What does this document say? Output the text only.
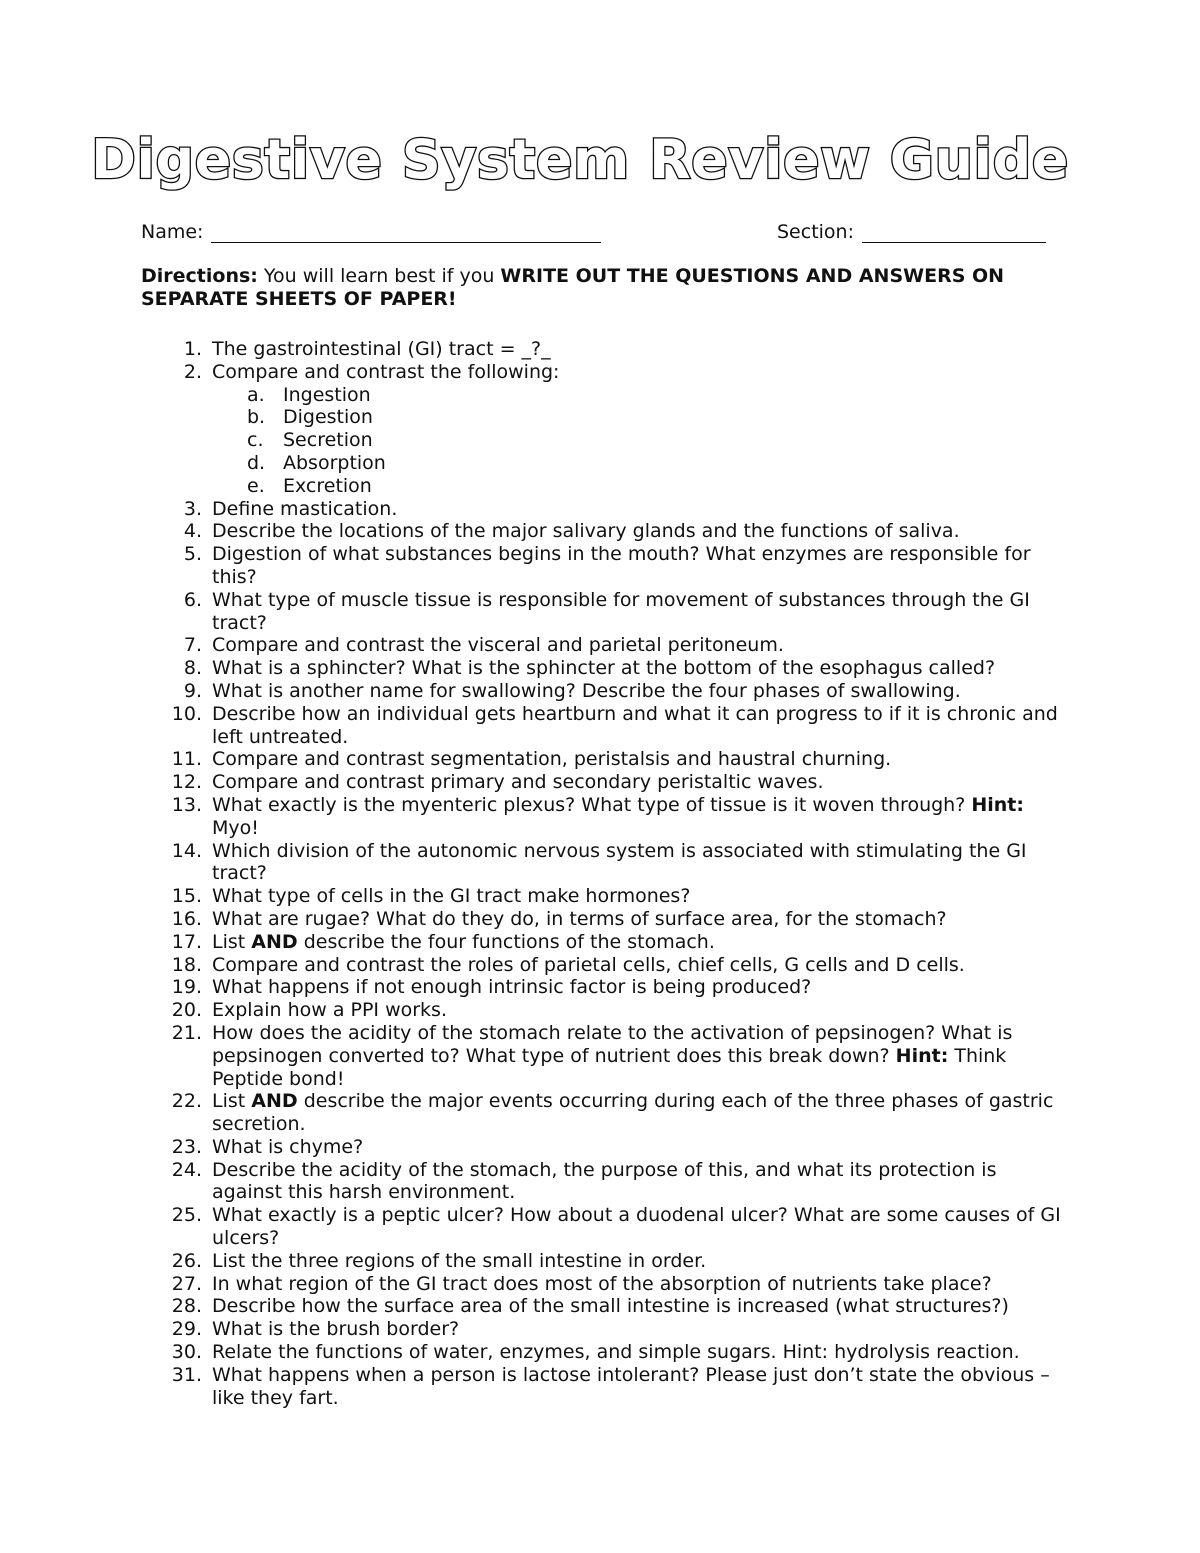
Digestive System Review Guide
Name:	Section:
Directions: You will learn best if you WRITE OUT THE QUESTIONS AND ANSWERS ON SEPARATE SHEETS OF PAPER!
1. The gastrointestinal (GI) tract = _?_
2. Compare and contrast the following:
a. Ingestion
b. Digestion
c. Secretion
d. Absorption
e. Excretion
3. Define mastication.
4. Describe the locations of the major salivary glands and the functions of saliva.
5. Digestion of what substances begins in the mouth? What enzymes are responsible for this?
6. What type of muscle tissue is responsible for movement of substances through the GI tract?
7. Compare and contrast the visceral and parietal peritoneum.
8. What is a sphincter? What is the sphincter at the bottom of the esophagus called?
9. What is another name for swallowing? Describe the four phases of swallowing.
10. Describe how an individual gets heartburn and what it can progress to if it is chronic and left untreated.
11. Compare and contrast segmentation, peristalsis and haustral churning.
12. Compare and contrast primary and secondary peristaltic waves.
13. What exactly is the myenteric plexus? What type of tissue is it woven through? Hint: Myo!
14. Which division of the autonomic nervous system is associated with stimulating the GI tract?
15. What type of cells in the GI tract make hormones?
16. What are rugae? What do they do, in terms of surface area, for the stomach?
17. List AND describe the four functions of the stomach.
18. Compare and contrast the roles of parietal cells, chief cells, G cells and D cells.
19. What happens if not enough intrinsic factor is being produced?
20. Explain how a PPI works.
21. How does the acidity of the stomach relate to the activation of pepsinogen? What is pepsinogen converted to? What type of nutrient does this break down? Hint: Think Peptide bond!
22. List AND describe the major events occurring during each of the three phases of gastric secretion.
23. What is chyme?
24. Describe the acidity of the stomach, the purpose of this, and what its protection is against this harsh environment.
25. What exactly is a peptic ulcer? How about a duodenal ulcer? What are some causes of GI ulcers?
26. List the three regions of the small intestine in order.
27. In what region of the GI tract does most of the absorption of nutrients take place?
28. Describe how the surface area of the small intestine is increased (what structures?)
29. What is the brush border?
30. Relate the functions of water, enzymes, and simple sugars. Hint: hydrolysis reaction.
31. What happens when a person is lactose intolerant? Please just don’t state the obvious – like they fart.
